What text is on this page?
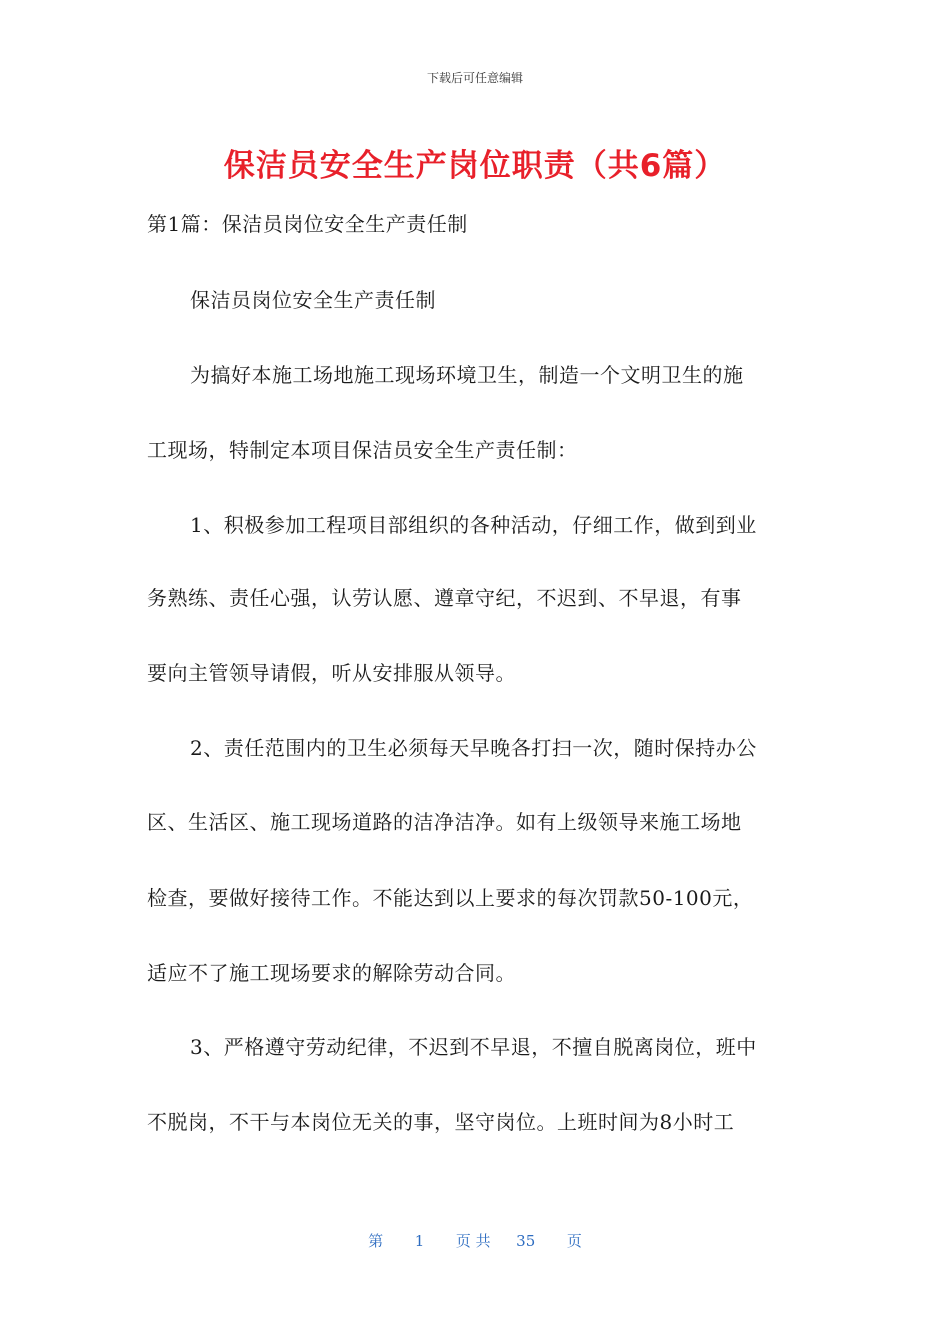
下载后可任意编辑
保洁员安全生产岗位职责（共6篇）
第1篇：保洁员岗位安全生产责任制
保洁员岗位安全生产责任制
为搞好本施工场地施工现场环境卫生，制造一个文明卫生的施
工现场，特制定本项目保洁员安全生产责任制：
1、积极参加工程项目部组织的各种活动，仔细工作，做到到业
务熟练、责任心强，认劳认愿、遵章守纪，不迟到、不早退，有事
要向主管领导请假，听从安排服从领导。
2、责任范围内的卫生必须每天早晚各打扫一次，随时保持办公
区、生活区、施工现场道路的洁净洁净。如有上级领导来施工场地
检查，要做好接待工作。不能达到以上要求的每次罚款50-100元，
适应不了施工现场要求的解除劳动合同。
3、严格遵守劳动纪律，不迟到不早退，不擅自脱离岗位，班中
不脱岗，不干与本岗位无关的事，坚守岗位。上班时间为8小时工
第 1 页 共 35 页
